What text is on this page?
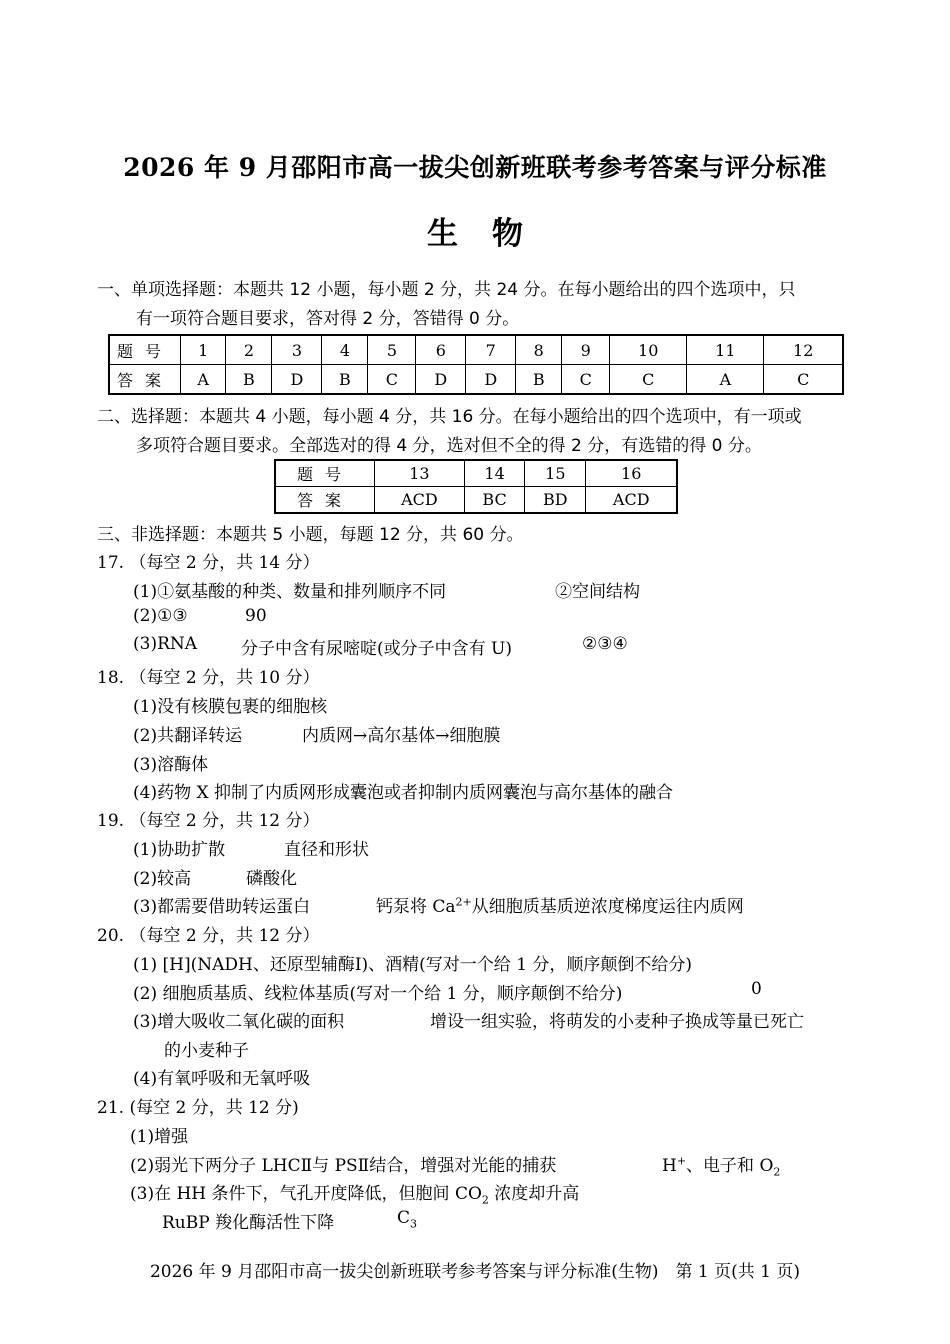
2026 年 9 月邵阳市高一拔尖创新班联考参考答案与评分标准
生物
一、单项选择题：本题共 12 小题，每小题 2 分，共 24 分。在每小题给出的四个选项中，只
有一项符合题目要求，答对得 2 分，答错得 0 分。
题号	1	2	3	4	5	6	7	8	9	10	11	12
答案	A	B	D	B	C	D	D	B	C	C	A	C
二、选择题：本题共 4 小题，每小题 4 分，共 16 分。在每小题给出的四个选项中，有一项或
多项符合题目要求。全部选对的得 4 分，选对但不全的得 2 分，有选错的得 0 分。
题号	13	14	15	16
答案	ACD	BC	BD	ACD
三、非选择题：本题共 5 小题，每题 12 分，共 60 分。
17. （每空 2 分，共 14 分）
(1)①氨基酸的种类、数量和排列顺序不同	②空间结构
(2)①③	90
(3)RNA	分子中含有尿嘧啶(或分子中含有 U)	②③④
18. （每空 2 分，共 10 分）
(1)没有核膜包裹的细胞核
(2)共翻译转运	内质网→高尔基体→细胞膜
(3)溶酶体
(4)药物 X 抑制了内质网形成囊泡或者抑制内质网囊泡与高尔基体的融合
19. （每空 2 分，共 12 分）
(1)协助扩散	直径和形状
(2)较高	磷酸化
(3)都需要借助转运蛋白	钙泵将 $Ca^{2+}$从细胞质基质逆浓度梯度运往内质网
20. （每空 2 分，共 12 分）
(1) [H](NADH、还原型辅酶Ⅰ)、酒精(写对一个给 1 分，顺序颠倒不给分)
(2) 细胞质基质、线粒体基质(写对一个给 1 分，顺序颠倒不给分)	0
(3)增大吸收二氧化碳的面积	增设一组实验，将萌发的小麦种子换成等量已死亡
的小麦种子
(4)有氧呼吸和无氧呼吸
21. (每空 2 分，共 12 分)
(1)增强
(2)弱光下两分子 LHCⅡ与 PSⅡ结合，增强对光能的捕获	H+、电子和 $O_2$
(3)在 HH 条件下，气孔开度降低，但胞间 $CO_2$ 浓度却升高
RuBP 羧化酶活性下降	$C_3$
2026 年 9 月邵阳市高一拔尖创新班联考参考答案与评分标准(生物)　第 1 页(共 1 页)
